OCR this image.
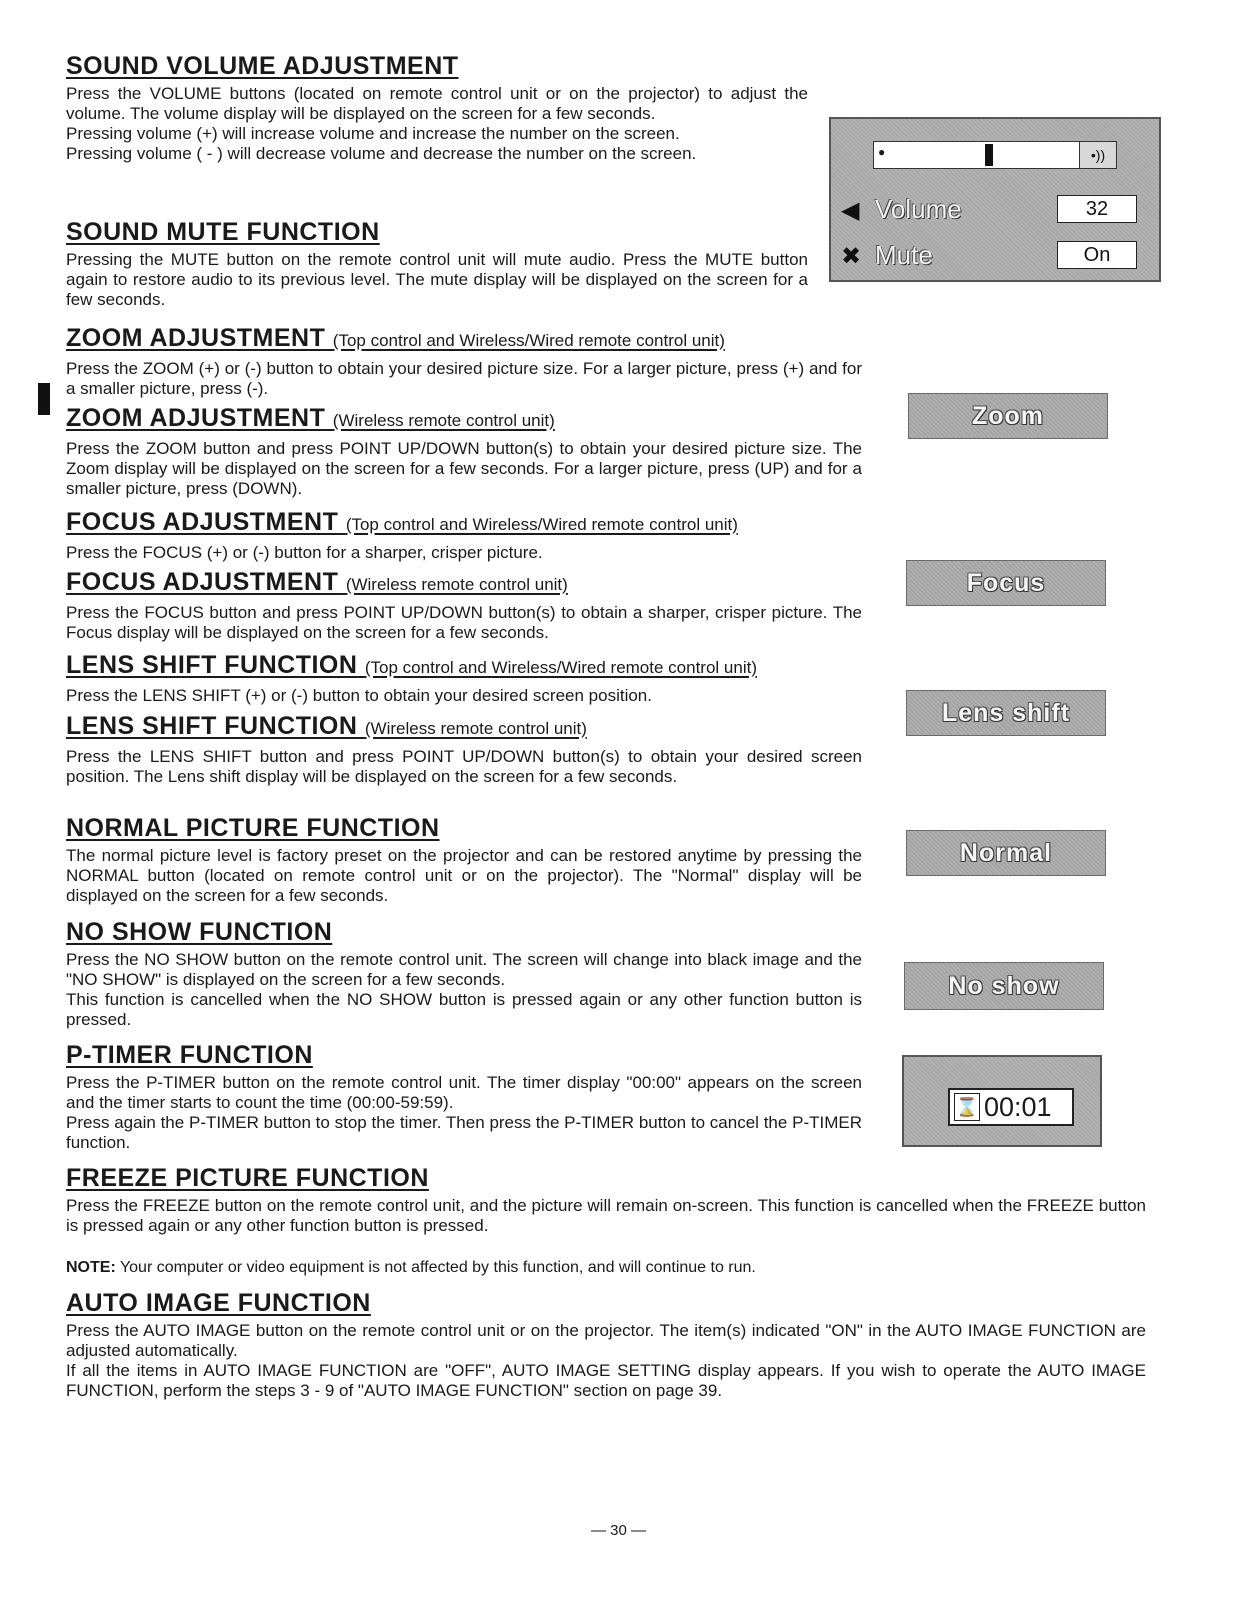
SOUND VOLUME ADJUSTMENT

Press the VOLUME buttons (located on remote control unit or on the projector) to adjust the volume. The volume display will be displayed on the screen for a few seconds.
Pressing volume (+) will increase volume and increase the number on the screen.
Pressing volume ( - ) will decrease volume and decrease the number on the screen.

SOUND MUTE FUNCTION

Pressing the MUTE button on the remote control unit will mute audio. Press the MUTE button again to restore audio to its previous level. The mute display will be displayed on the screen for a few seconds.

ZOOM ADJUSTMENT (Top control and Wireless/Wired remote control unit)

Press the ZOOM (+) or (-) button to obtain your desired picture size. For a larger picture, press (+) and for a smaller picture, press (-).

ZOOM ADJUSTMENT (Wireless remote control unit)

Press the ZOOM button and press POINT UP/DOWN button(s) to obtain your desired picture size. The Zoom display will be displayed on the screen for a few seconds. For a larger picture, press (UP) and for a smaller picture, press (DOWN).

FOCUS ADJUSTMENT (Top control and Wireless/Wired remote control unit)

Press the FOCUS (+) or (-) button for a sharper, crisper picture.

FOCUS ADJUSTMENT (Wireless remote control unit)

Press the FOCUS button and press POINT UP/DOWN button(s) to obtain a sharper, crisper picture. The Focus display will be displayed on the screen for a few seconds.

LENS SHIFT FUNCTION (Top control and Wireless/Wired remote control unit)

Press the LENS SHIFT (+) or (-) button to obtain your desired screen position.

LENS SHIFT FUNCTION (Wireless remote control unit)

Press the LENS SHIFT button and press POINT UP/DOWN button(s) to obtain your desired screen position. The Lens shift display will be displayed on the screen for a few seconds.

NORMAL PICTURE FUNCTION

The normal picture level is factory preset on the projector and can be restored anytime by pressing the NORMAL button (located on remote control unit or on the projector). The "Normal" display will be displayed on the screen for a few seconds.

NO SHOW FUNCTION

Press the NO SHOW button on the remote control unit. The screen will change into black image and the "NO SHOW" is displayed on the screen for a few seconds.
This function is cancelled when the NO SHOW button is pressed again or any other function button is pressed.

P-TIMER FUNCTION

Press the P-TIMER button on the remote control unit. The timer display "00:00" appears on the screen and the timer starts to count the time (00:00-59:59).
Press again the P-TIMER button to stop the timer. Then press the P-TIMER button to cancel the P-TIMER function.

FREEZE PICTURE FUNCTION

Press the FREEZE button on the remote control unit, and the picture will remain on-screen. This function is cancelled when the FREEZE button is pressed again or any other function button is pressed.

NOTE: Your computer or video equipment is not affected by this function, and will continue to run.

AUTO IMAGE FUNCTION

Press the AUTO IMAGE button on the remote control unit or on the projector. The item(s) indicated "ON" in the AUTO IMAGE FUNCTION are adjusted automatically.
If all the items in AUTO IMAGE FUNCTION are "OFF", AUTO IMAGE SETTING display appears. If you wish to operate the AUTO IMAGE FUNCTION, perform the steps 3 - 9 of "AUTO IMAGE FUNCTION" section on page 39.

●	•))
◀ Volume	32
✖ Mute	On
Zoom
Focus
Lens shift
Normal
No show
⌛ 00:01
— 30 —
